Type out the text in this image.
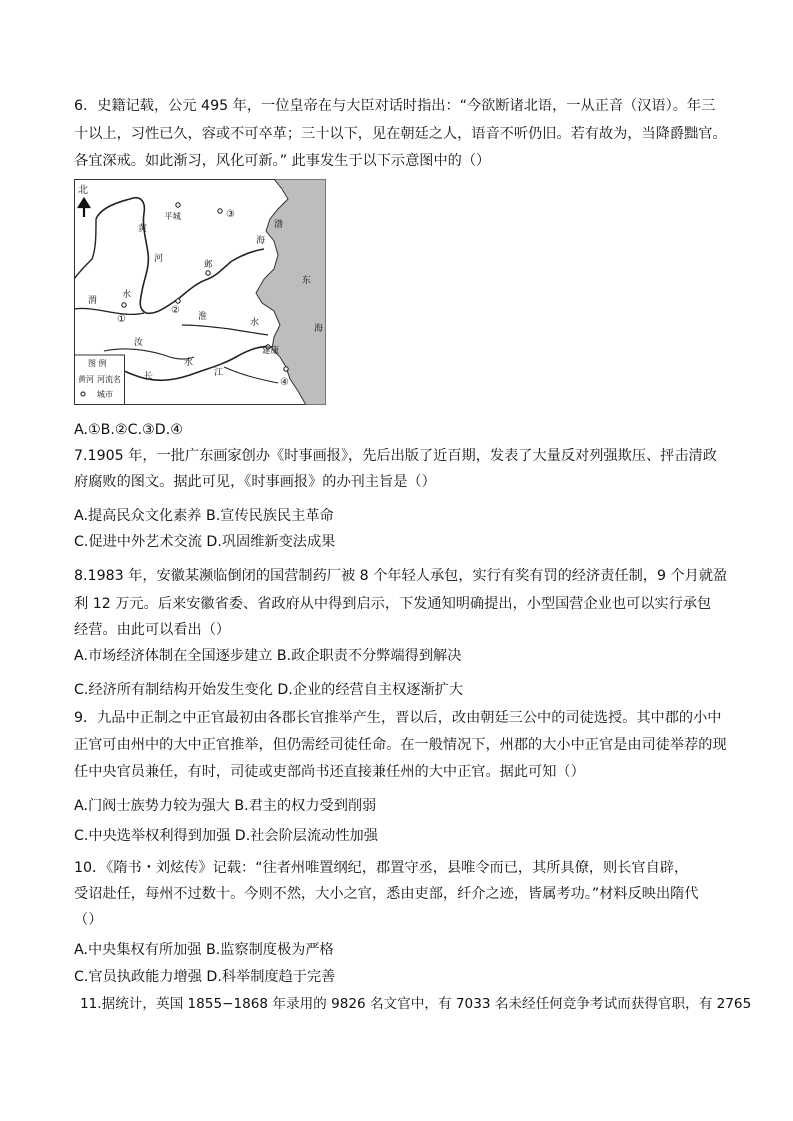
6．史籍记载，公元 495 年，一位皇帝在与大臣对话时指出：“今欲断诸北语，一从正音（汉语）。年三
十以上，习性已久，容或不可卒革；三十以下，见在朝廷之人，语音不听仍旧。若有故为，当降爵黜官。
各宜深戒。如此渐习，风化可新。” 此事发生于以下示意图中的（）
北
平城
邺
建康
①
②
③
④
黄
河
渭
水
淮
水
汝
水
长	江
渤
海
东
海
图 例
黄河 河流名
城市
A.①B.②C.③D.④
7.1905 年，一批广东画家创办《时事画报》，先后出版了近百期，发表了大量反对列强欺压、抨击清政
府腐败的图文。据此可见，《时事画报》的办刊主旨是（）
A.提高民众文化素养 B.宣传民族民主革命
C.促进中外艺术交流 D.巩固维新变法成果
8.1983 年，安徽某濒临倒闭的国营制药厂被 8 个年轻人承包，实行有奖有罚的经济责任制，9 个月就盈
利 12 万元。后来安徽省委、省政府从中得到启示，下发通知明确提出，小型国营企业也可以实行承包
经营。由此可以看出（）
A.市场经济体制在全国逐步建立 B.政企职责不分弊端得到解决
C.经济所有制结构开始发生变化 D.企业的经营自主权逐渐扩大
9．九品中正制之中正官最初由各郡长官推举产生，晋以后，改由朝廷三公中的司徒选授。其中郡的小中
正官可由州中的大中正官推举，但仍需经司徒任命。在一般情况下，州郡的大小中正官是由司徒举荐的现
任中央官员兼任，有时，司徒或吏部尚书还直接兼任州的大中正官。据此可知（）
A.门阀士族势力较为强大 B.君主的权力受到削弱
C.中央选举权利得到加强 D.社会阶层流动性加强
10．《隋书・刘炫传》记载：“往者州唯置纲纪，郡置守丞，县唯令而已，其所具僚，则长官自辟，
受诏赴任，每州不过数十。今则不然，大小之官，悉由吏部，纤介之迹，皆属考功。”材料反映出隋代
（）
A.中央集权有所加强 B.监察制度极为严格
C.官员执政能力增强 D.科举制度趋于完善
11.据统计，英国 1855−1868 年录用的 9826 名文官中，有 7033 名未经任何竞争考试而获得官职，有 2765
